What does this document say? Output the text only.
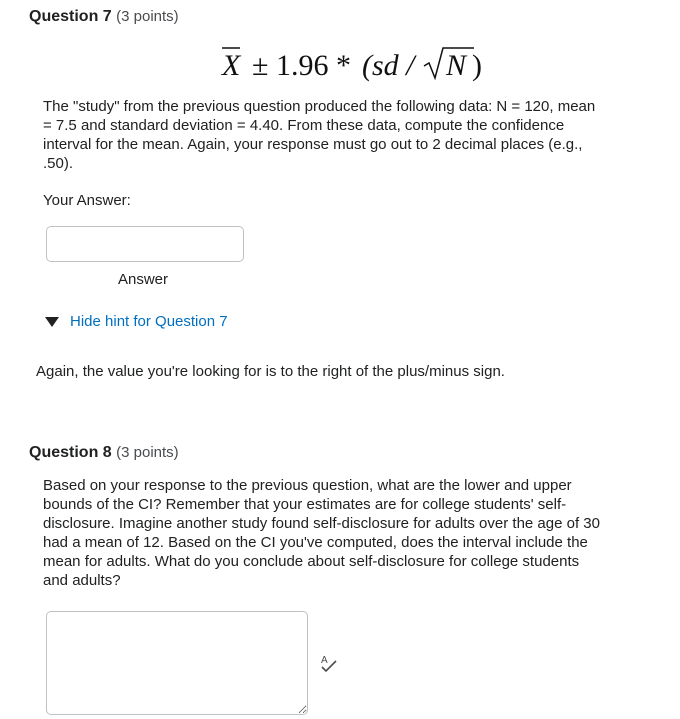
Question 7 (3 points)
X ± 1.96 * (sd / N )
The "study" from the previous question produced the following data: N = 120, mean
= 7.5 and standard deviation = 4.40. From these data, compute the confidence
interval for the mean. Again, your response must go out to 2 decimal places (e.g.,
.50).
Your Answer:
Answer
Hide hint for Question 7
Again, the value you're looking for is to the right of the plus/minus sign.
Question 8 (3 points)
Based on your response to the previous question, what are the lower and upper
bounds of the CI? Remember that your estimates are for college students' self-
disclosure. Imagine another study found self-disclosure for adults over the age of 30
had a mean of 12. Based on the CI you've computed, does the interval include the
mean for adults. What do you conclude about self-disclosure for college students
and adults?
A
